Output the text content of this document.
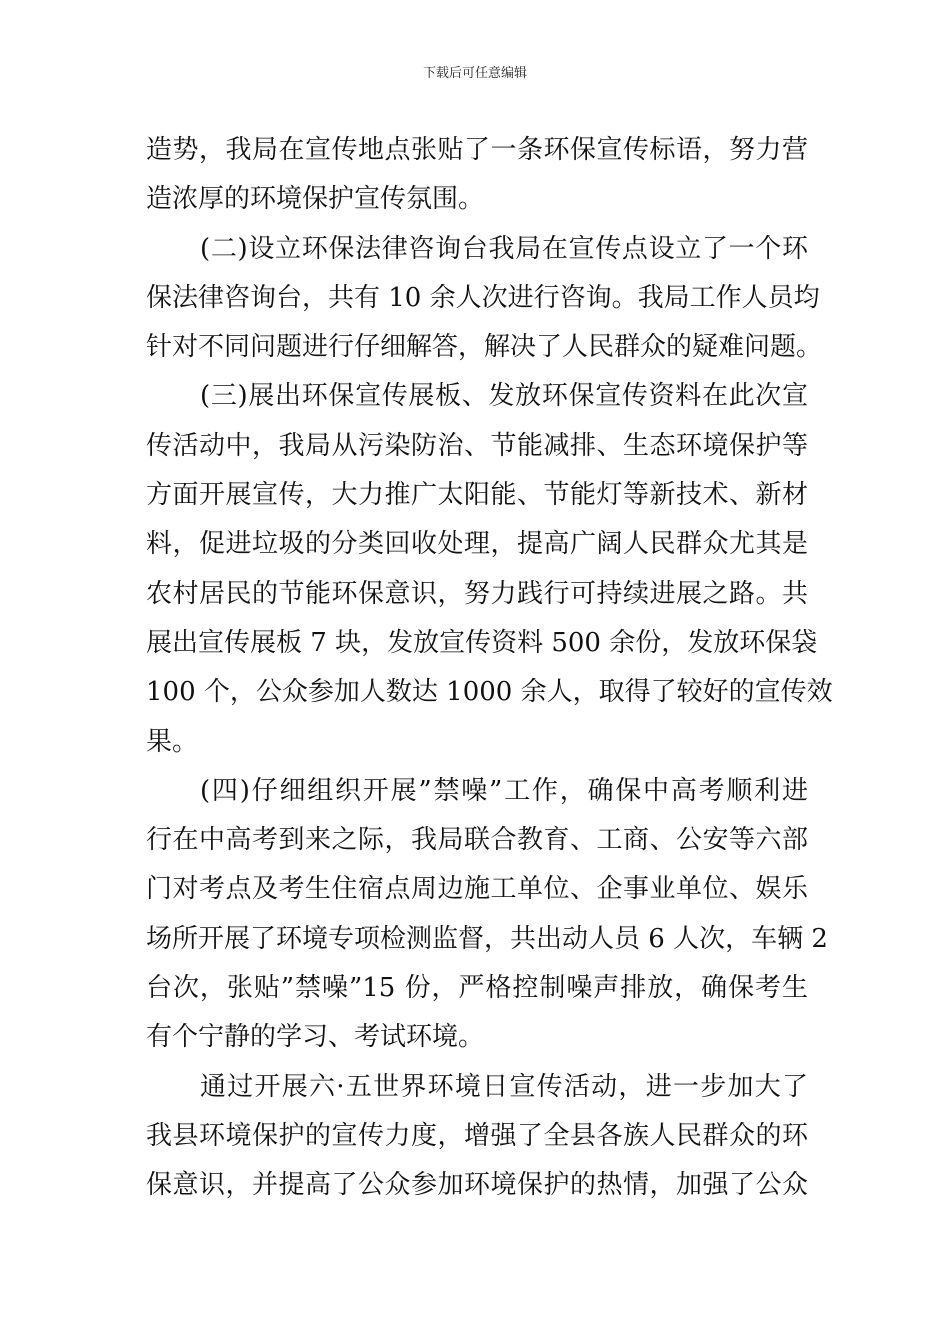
下载后可任意编辑
造势，我局在宣传地点张贴了一条环保宣传标语，努力营
造浓厚的环境保护宣传氛围。
(二)设立环保法律咨询台我局在宣传点设立了一个环
保法律咨询台，共有 10 余人次进行咨询。我局工作人员均
针对不同问题进行仔细解答，解决了人民群众的疑难问题。
(三)展出环保宣传展板、发放环保宣传资料在此次宣
传活动中，我局从污染防治、节能减排、生态环境保护等
方面开展宣传，大力推广太阳能、节能灯等新技术、新材
料，促进垃圾的分类回收处理，提高广阔人民群众尤其是
农村居民的节能环保意识，努力践行可持续进展之路。共
展出宣传展板 7 块，发放宣传资料 500 余份，发放环保袋
100 个，公众参加人数达 1000 余人，取得了较好的宣传效
果。
(四)仔细组织开展”禁噪”工作，确保中高考顺利进
行在中高考到来之际，我局联合教育、工商、公安等六部
门对考点及考生住宿点周边施工单位、企事业单位、娱乐
场所开展了环境专项检测监督，共出动人员 6 人次，车辆 2
台次，张贴”禁噪”15 份，严格控制噪声排放，确保考生
有个宁静的学习、考试环境。
通过开展六·五世界环境日宣传活动，进一步加大了
我县环境保护的宣传力度，增强了全县各族人民群众的环
保意识，并提高了公众参加环境保护的热情，加强了公众
